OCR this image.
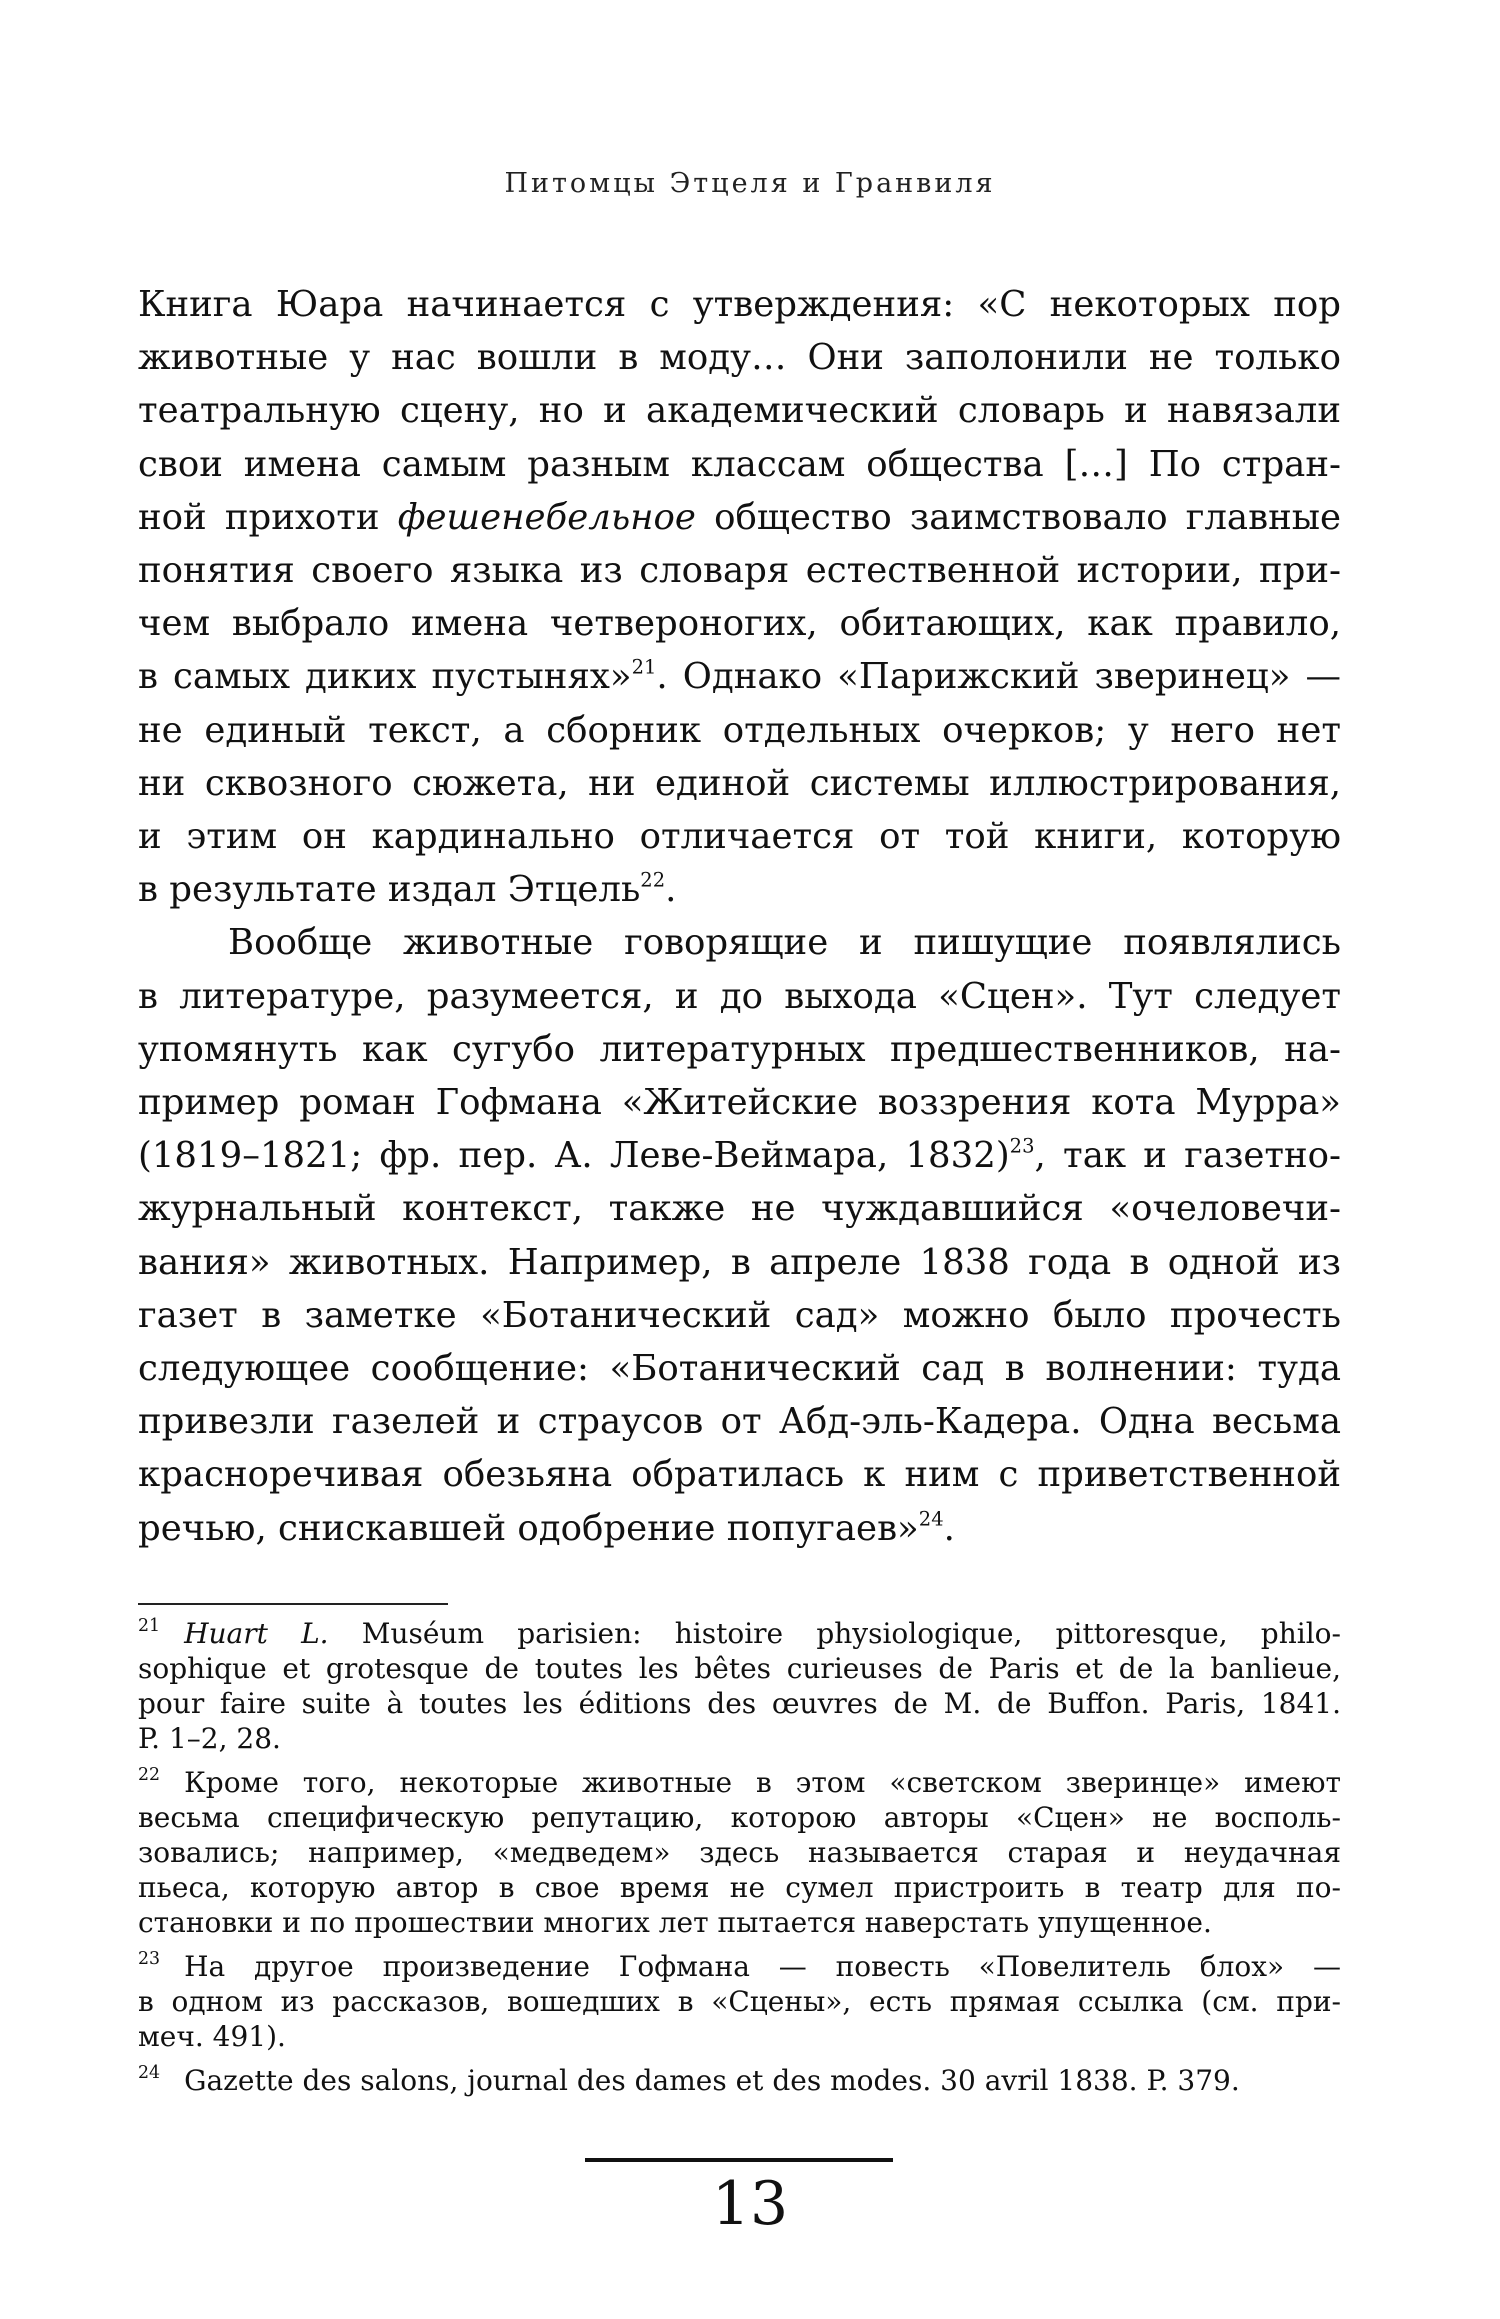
Питомцы Этцеля и Гранвиля

Книга Юара начинается с утверждения: «С некоторых пор
животные у нас вошли в моду… Они заполонили не только
театральную сцену, но и академический словарь и навязали
свои имена самым разным классам общества […] По стран-
ной прихоти фешенебельное общество заимствовало главные
понятия своего языка из словаря естественной истории, при-
чем выбрало имена четвероногих, обитающих, как правило,
в самых диких пустынях»$^{21}$. Однако «Парижский зверинец» —
не единый текст, а сборник отдельных очерков; у него нет
ни сквозного сюжета, ни единой системы иллюстрирования,
и этим он кардинально отличается от той книги, которую
в результате издал Этцель$^{22}$.

Вообще животные говорящие и пишущие появлялись
в литературе, разумеется, и до выхода «Сцен». Тут следует
упомянуть как сугубо литературных предшественников, на-
пример роман Гофмана «Житейские воззрения кота Мурра»
(1819–1821; фр. пер. А. Леве-Веймара, 1832)$^{23}$, так и газетно-
журнальный контекст, также не чуждавшийся «очеловечи-
вания» животных. Например, в апреле 1838 года в одной из
газет в заметке «Ботанический сад» можно было прочесть
следующее сообщение: «Ботанический сад в волнении: туда
привезли газелей и страусов от Абд-эль-Кадера. Одна весьма
красноречивая обезьяна обратилась к ним с приветственной
речью, снискавшей одобрение попугаев»$^{24}$.

$^{21}$ Huart L. Muséum parisien: histoire physiologique, pittoresque, philo-
sophique et grotesque de toutes les bêtes curieuses de Paris et de la banlieue,
pour faire suite à toutes les éditions des œuvres de M. de Buffon. Paris, 1841.
P. 1–2, 28.
$^{22}$ Кроме того, некоторые животные в этом «светском зверинце» имеют
весьма специфическую репутацию, которою авторы «Сцен» не восполь-
зовались; например, «медведем» здесь называется старая и неудачная
пьеса, которую автор в свое время не сумел пристроить в театр для по-
становки и по прошествии многих лет пытается наверстать упущенное.
$^{23}$ На другое произведение Гофмана — повесть «Повелитель блох» —
в одном из рассказов, вошедших в «Сцены», есть прямая ссылка (см. при-
меч. 491).
$^{24}$ Gazette des salons, journal des dames et des modes. 30 avril 1838. P. 379.
13
